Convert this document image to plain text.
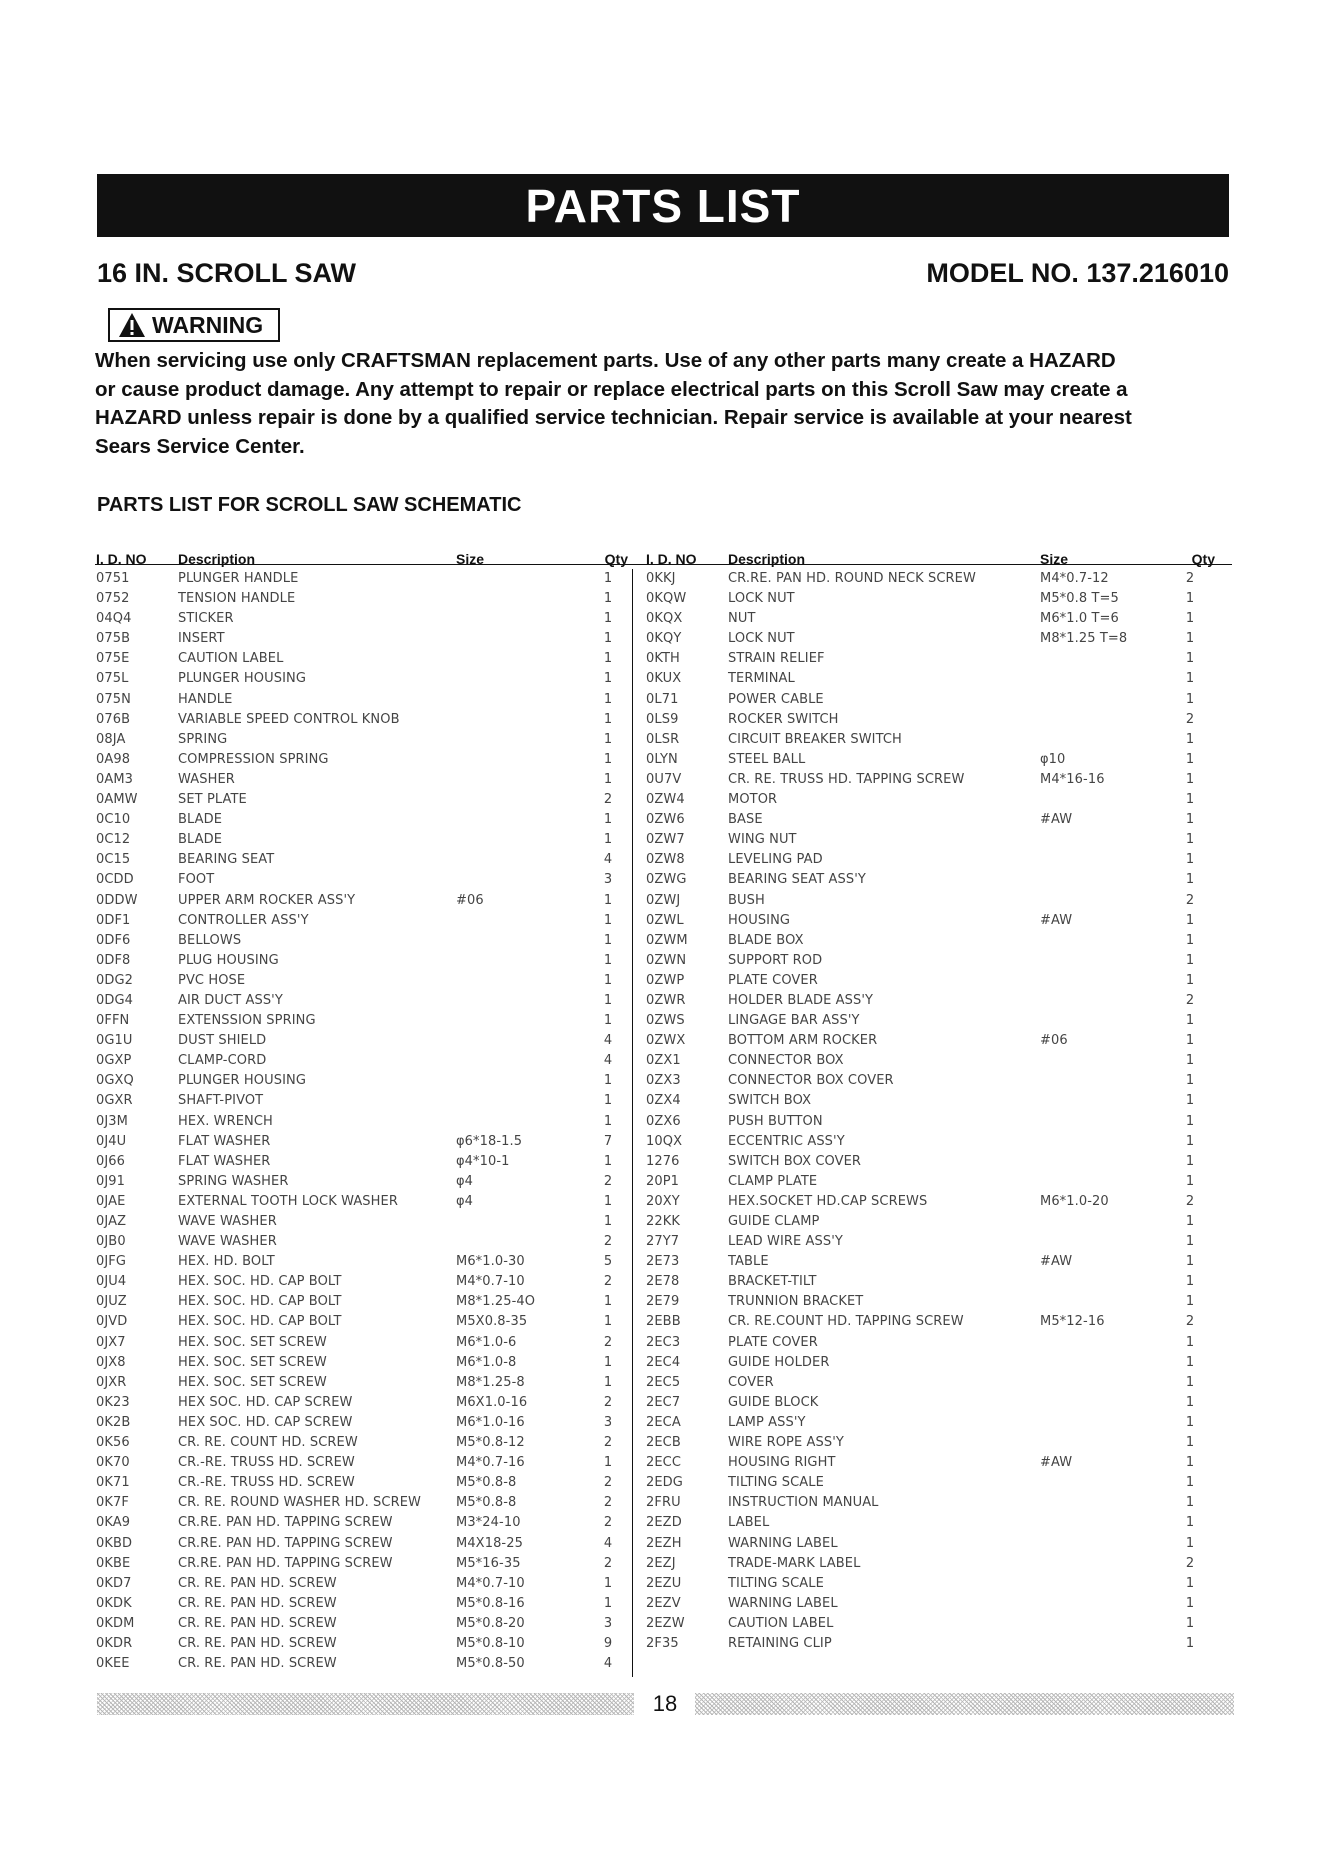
PARTS LIST
16 IN. SCROLL SAW	MODEL NO. 137.216010
WARNING
When servicing use only CRAFTSMAN replacement parts. Use of any other parts many create a HAZARD
or cause product damage. Any attempt to repair or replace electrical parts on this Scroll Saw may create a
HAZARD unless repair is done by a qualified service technician. Repair service is available at your nearest
Sears Service Center.
PARTS LIST FOR SCROLL SAW SCHEMATIC
I. D. NO	Description	Size	Qty
0751	PLUNGER HANDLE	1
0752	TENSION HANDLE	1
04Q4	STICKER	1
075B	INSERT	1
075E	CAUTION LABEL	1
075L	PLUNGER HOUSING	1
075N	HANDLE	1
076B	VARIABLE SPEED CONTROL KNOB	1
08JA	SPRING	1
0A98	COMPRESSION SPRING	1
0AM3	WASHER	1
0AMW	SET PLATE	2
0C10	BLADE	1
0C12	BLADE	1
0C15	BEARING SEAT	4
0CDD	FOOT	3
0DDW	UPPER ARM ROCKER ASS'Y	#06	1
0DF1	CONTROLLER ASS'Y	1
0DF6	BELLOWS	1
0DF8	PLUG HOUSING	1
0DG2	PVC HOSE	1
0DG4	AIR DUCT ASS'Y	1
0FFN	EXTENSSION SPRING	1
0G1U	DUST SHIELD	4
0GXP	CLAMP-CORD	4
0GXQ	PLUNGER HOUSING	1
0GXR	SHAFT-PIVOT	1
0J3M	HEX. WRENCH	1
0J4U	FLAT WASHER	φ6*18-1.5	7
0J66	FLAT WASHER	φ4*10-1	1
0J91	SPRING WASHER	φ4	2
0JAE	EXTERNAL TOOTH LOCK WASHER	φ4	1
0JAZ	WAVE WASHER	1
0JB0	WAVE WASHER	2
0JFG	HEX. HD. BOLT	M6*1.0-30	5
0JU4	HEX. SOC. HD. CAP BOLT	M4*0.7-10	2
0JUZ	HEX. SOC. HD. CAP BOLT	M8*1.25-4O	1
0JVD	HEX. SOC. HD. CAP BOLT	M5X0.8-35	1
0JX7	HEX. SOC. SET SCREW	M6*1.0-6	2
0JX8	HEX. SOC. SET SCREW	M6*1.0-8	1
0JXR	HEX. SOC. SET SCREW	M8*1.25-8	1
0K23	HEX SOC. HD. CAP SCREW	M6X1.0-16	2
0K2B	HEX SOC. HD. CAP SCREW	M6*1.0-16	3
0K56	CR. RE. COUNT HD. SCREW	M5*0.8-12	2
0K70	CR.-RE. TRUSS HD. SCREW	M4*0.7-16	1
0K71	CR.-RE. TRUSS HD. SCREW	M5*0.8-8	2
0K7F	CR. RE. ROUND WASHER HD. SCREW	M5*0.8-8	2
0KA9	CR.RE. PAN HD. TAPPING SCREW	M3*24-10	2
0KBD	CR.RE. PAN HD. TAPPING SCREW	M4X18-25	4
0KBE	CR.RE. PAN HD. TAPPING SCREW	M5*16-35	2
0KD7	CR. RE. PAN HD. SCREW	M4*0.7-10	1
0KDK	CR. RE. PAN HD. SCREW	M5*0.8-16	1
0KDM	CR. RE. PAN HD. SCREW	M5*0.8-20	3
0KDR	CR. RE. PAN HD. SCREW	M5*0.8-10	9
0KEE	CR. RE. PAN HD. SCREW	M5*0.8-50	4
I. D. NO	Description	Size	Qty
0KKJ	CR.RE. PAN HD. ROUND NECK SCREW	M4*0.7-12	2
0KQW	LOCK NUT	M5*0.8 T=5	1
0KQX	NUT	M6*1.0 T=6	1
0KQY	LOCK NUT	M8*1.25 T=8	1
0KTH	STRAIN RELIEF	1
0KUX	TERMINAL	1
0L71	POWER CABLE	1
0LS9	ROCKER SWITCH	2
0LSR	CIRCUIT BREAKER SWITCH	1
0LYN	STEEL BALL	φ10	1
0U7V	CR. RE. TRUSS HD. TAPPING SCREW	M4*16-16	1
0ZW4	MOTOR	1
0ZW6	BASE	#AW	1
0ZW7	WING NUT	1
0ZW8	LEVELING PAD	1
0ZWG	BEARING SEAT ASS'Y	1
0ZWJ	BUSH	2
0ZWL	HOUSING	#AW	1
0ZWM	BLADE BOX	1
0ZWN	SUPPORT ROD	1
0ZWP	PLATE COVER	1
0ZWR	HOLDER BLADE ASS'Y	2
0ZWS	LINGAGE BAR ASS'Y	1
0ZWX	BOTTOM ARM ROCKER	#06	1
0ZX1	CONNECTOR BOX	1
0ZX3	CONNECTOR BOX COVER	1
0ZX4	SWITCH BOX	1
0ZX6	PUSH BUTTON	1
10QX	ECCENTRIC ASS'Y	1
1276	SWITCH BOX COVER	1
20P1	CLAMP PLATE	1
20XY	HEX.SOCKET HD.CAP SCREWS	M6*1.0-20	2
22KK	GUIDE CLAMP	1
27Y7	LEAD WIRE ASS'Y	1
2E73	TABLE	#AW	1
2E78	BRACKET-TILT	1
2E79	TRUNNION BRACKET	1
2EBB	CR. RE.COUNT HD. TAPPING SCREW	M5*12-16	2
2EC3	PLATE COVER	1
2EC4	GUIDE HOLDER	1
2EC5	COVER	1
2EC7	GUIDE BLOCK	1
2ECA	LAMP ASS'Y	1
2ECB	WIRE ROPE ASS'Y	1
2ECC	HOUSING RIGHT	#AW	1
2EDG	TILTING SCALE	1
2FRU	INSTRUCTION MANUAL	1
2EZD	LABEL	1
2EZH	WARNING LABEL	1
2EZJ	TRADE-MARK LABEL	2
2EZU	TILTING SCALE	1
2EZV	WARNING LABEL	1
2EZW	CAUTION LABEL	1
2F35	RETAINING CLIP	1
18
